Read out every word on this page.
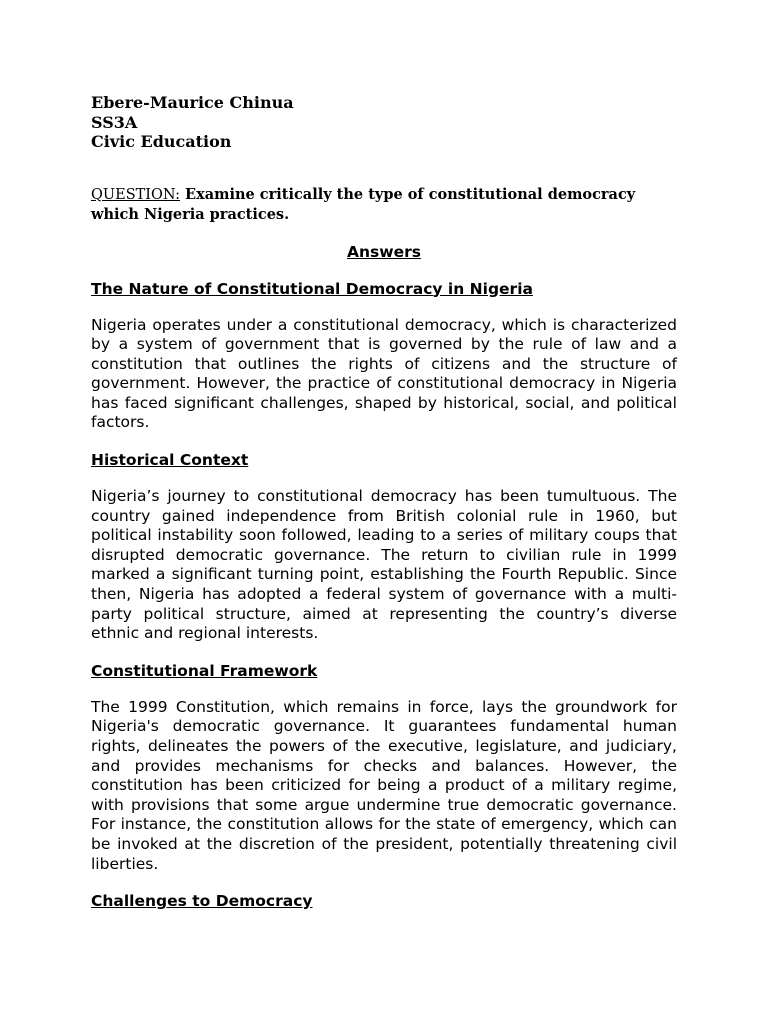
Ebere-Maurice Chinua
SS3A
Civic Education
QUESTION: Examine critically the type of constitutional democracy which Nigeria practices.
Answers
The Nature of Constitutional Democracy in Nigeria
Nigeria operates under a constitutional democracy, which is characterized by a system of government that is governed by the rule of law and a constitution that outlines the rights of citizens and the structure of government. However, the practice of constitutional democracy in Nigeria has faced significant challenges, shaped by historical, social, and political factors.
Historical Context
Nigeria’s journey to constitutional democracy has been tumultuous. The country gained independence from British colonial rule in 1960, but political instability soon followed, leading to a series of military coups that disrupted democratic governance. The return to civilian rule in 1999 marked a significant turning point, establishing the Fourth Republic. Since then, Nigeria has adopted a federal system of governance with a multi-party political structure, aimed at representing the country’s diverse ethnic and regional interests.
Constitutional Framework
The 1999 Constitution, which remains in force, lays the groundwork for Nigeria's democratic governance. It guarantees fundamental human rights, delineates the powers of the executive, legislature, and judiciary, and provides mechanisms for checks and balances. However, the constitution has been criticized for being a product of a military regime, with provisions that some argue undermine true democratic governance. For instance, the constitution allows for the state of emergency, which can be invoked at the discretion of the president, potentially threatening civil liberties.
Challenges to Democracy
